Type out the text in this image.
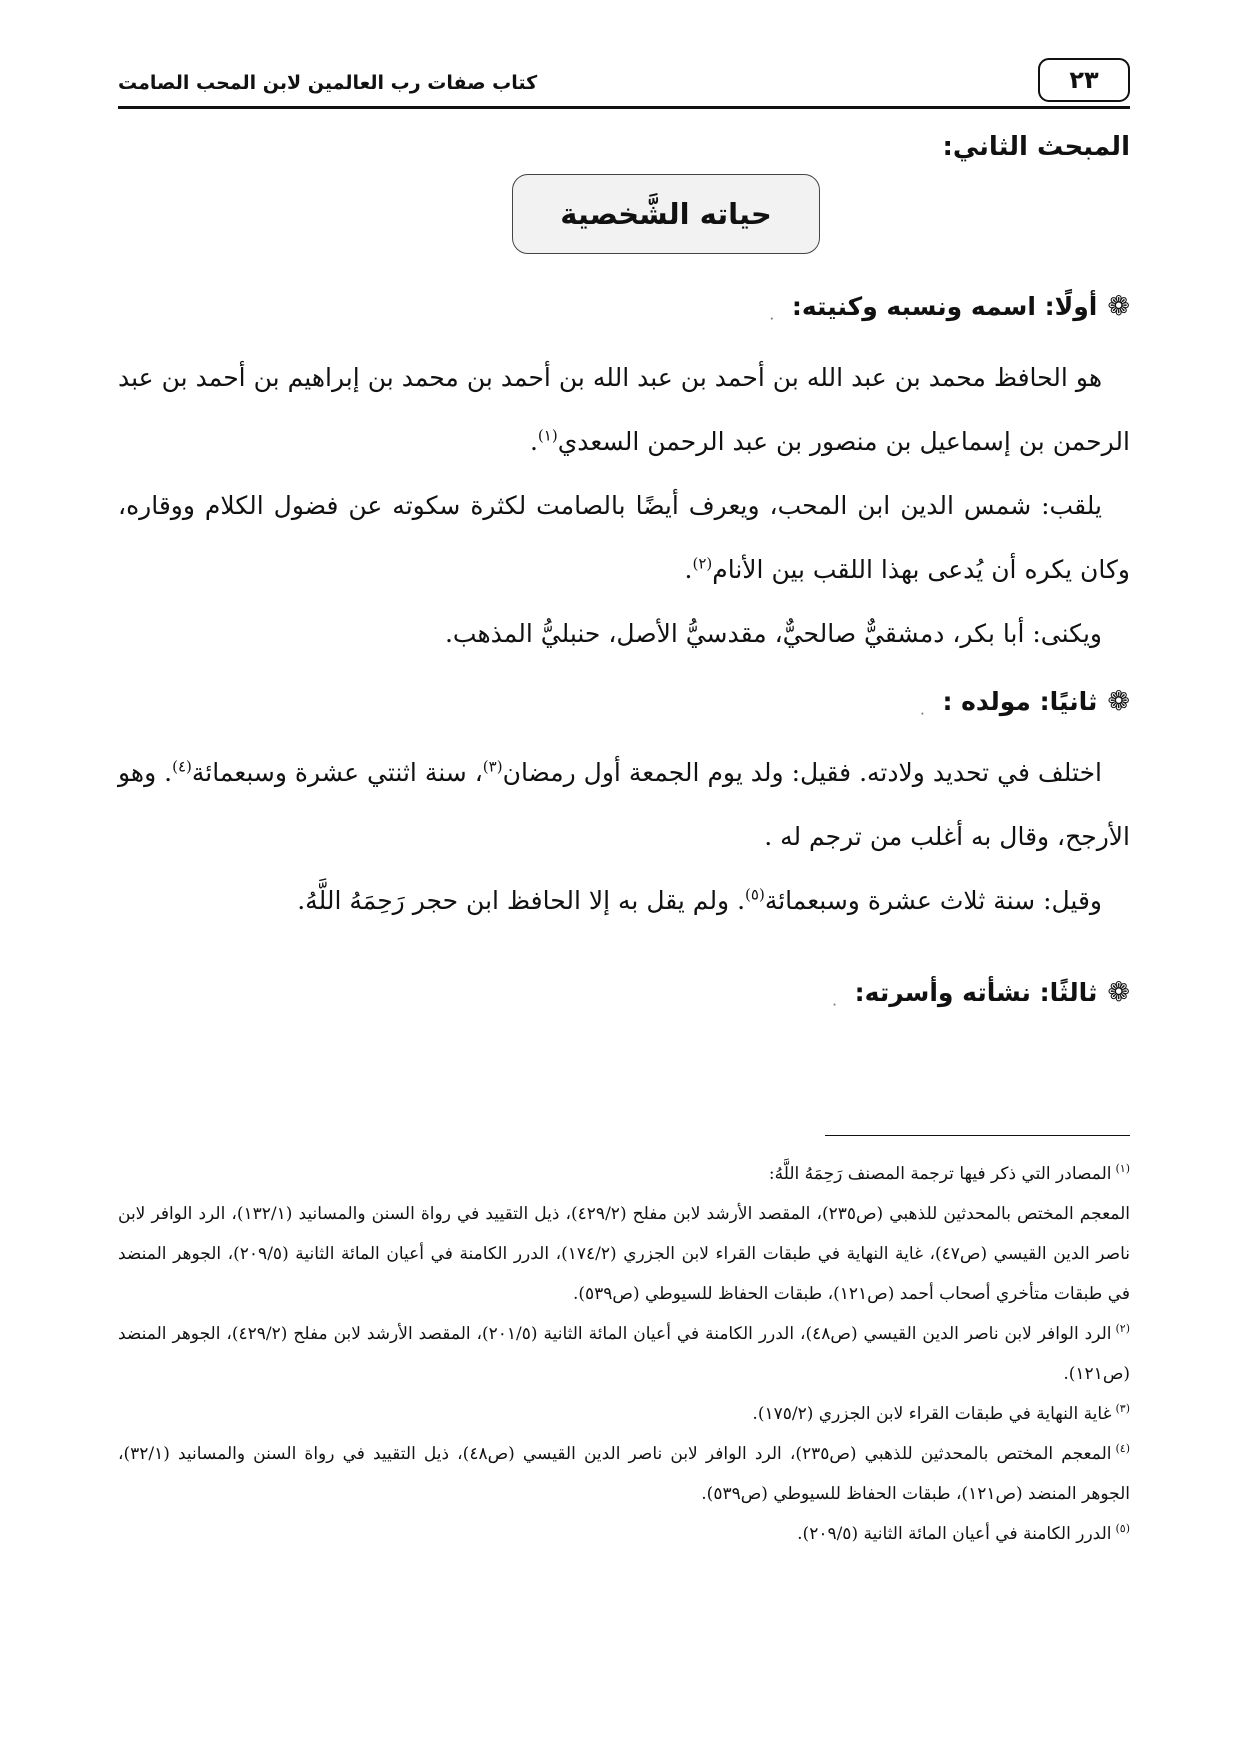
٢٣
كتاب صفات رب العالمين لابن المحب الصامت
المبحث الثاني:
حياته الشَّخصية
❁
أولًا: اسمه ونسبه وكنيته:
·
هو الحافظ محمد بن عبد الله بن أحمد بن عبد الله بن أحمد بن محمد بن إبراهيم بن أحمد بن عبد الرحمن بن إسماعيل بن منصور بن عبد الرحمن السعدي$^{(١)}$.
يلقب: شمس الدين ابن المحب، ويعرف أيضًا بالصامت لكثرة سكوته عن فضول الكلام ووقاره، وكان يكره أن يُدعى بهذا اللقب بين الأنام$^{(٢)}$.
ويكنى: أبا بكر، دمشقيٌّ صالحيٌّ، مقدسيُّ الأصل، حنبليُّ المذهب.
❁
ثانيًا: مولده :
·
اختلف في تحديد ولادته. فقيل: ولد يوم الجمعة أول رمضان$^{(٣)}$، سنة اثنتي عشرة وسبعمائة$^{(٤)}$. وهو الأرجح، وقال به أغلب من ترجم له .
وقيل: سنة ثلاث عشرة وسبعمائة$^{(٥)}$. ولم يقل به إلا الحافظ ابن حجر رَحِمَهُ اللَّهُ.
❁
ثالثًا: نشأته وأسرته:
·

$^{(١)}$المصادر التي ذكر فيها ترجمة المصنف رَحِمَهُ اللَّهُ:

المعجم المختص بالمحدثين للذهبي (ص٢٣٥)، المقصد الأرشد لابن مفلح (٤٢٩/٢)، ذيل التقييد في رواة السنن والمسانيد (١٣٢/١)، الرد الوافر لابن ناصر الدين القيسي (ص٤٧)، غاية النهاية في طبقات القراء لابن الجزري (١٧٤/٢)، الدرر الكامنة في أعيان المائة الثانية (٢٠٩/٥)، الجوهر المنضد في طبقات متأخري أصحاب أحمد (ص١٢١)، طبقات الحفاظ للسيوطي (ص٥٣٩).

$^{(٢)}$الرد الوافر لابن ناصر الدين القيسي (ص٤٨)، الدرر الكامنة في أعيان المائة الثانية (٢٠١/٥)، المقصد الأرشد لابن مفلح (٤٢٩/٢)، الجوهر المنضد (ص١٢١).

$^{(٣)}$غاية النهاية في طبقات القراء لابن الجزري (١٧٥/٢).

$^{(٤)}$المعجم المختص بالمحدثين للذهبي (ص٢٣٥)، الرد الوافر لابن ناصر الدين القيسي (ص٤٨)، ذيل التقييد في رواة السنن والمسانيد (٣٢/١)، الجوهر المنضد (ص١٢١)، طبقات الحفاظ للسيوطي (ص٥٣٩).

$^{(٥)}$الدرر الكامنة في أعيان المائة الثانية (٢٠٩/٥).
